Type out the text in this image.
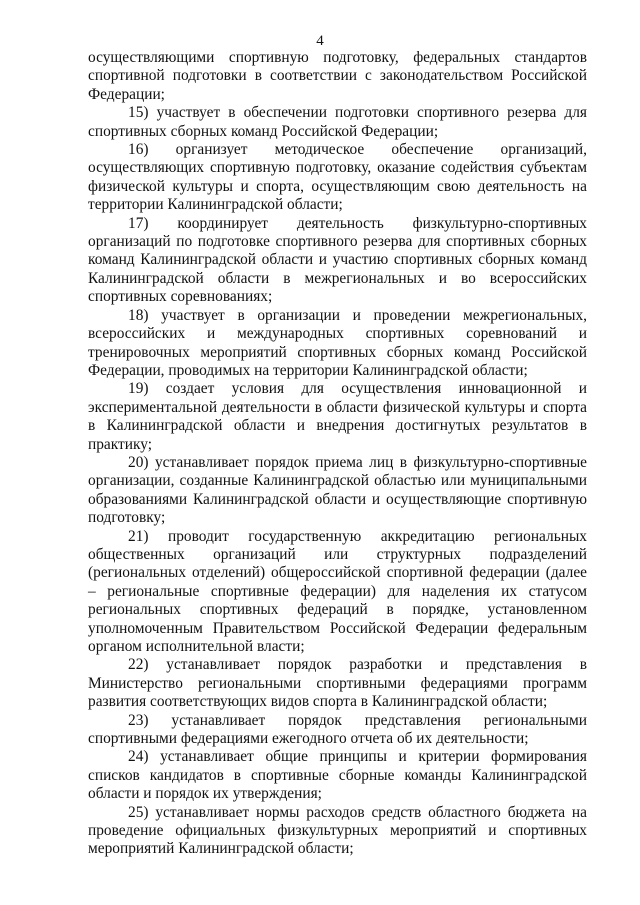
4

осуществляющими спортивную подготовку, федеральных стандартов спортивной подготовки в соответствии с законодательством Российской Федерации;

15) участвует в обеспечении подготовки спортивного резерва для спортивных сборных команд Российской Федерации;

16) организует методическое обеспечение организаций, осуществляющих спортивную подготовку, оказание содействия субъектам физической культуры и спорта, осуществляющим свою деятельность на территории Калининградской области;

17) координирует деятельность физкультурно-спортивных организаций по подготовке спортивного резерва для спортивных сборных команд Калининградской области и участию спортивных сборных команд Калининградской области в межрегиональных и во всероссийских спортивных соревнованиях;

18) участвует в организации и проведении межрегиональных, всероссийских и международных спортивных соревнований и тренировочных мероприятий спортивных сборных команд Российской Федерации, проводимых на территории Калининградской области;

19) создает условия для осуществления инновационной и экспериментальной деятельности в области физической культуры и спорта в Калининградской области и внедрения достигнутых результатов в практику;

20) устанавливает порядок приема лиц в физкультурно-спортивные организации, созданные Калининградской областью или муниципальными образованиями Калининградской области и осуществляющие спортивную подготовку;

21) проводит государственную аккредитацию региональных общественных организаций или структурных подразделений (региональных отделений) общероссийской спортивной федерации (далее – региональные спортивные федерации) для наделения их статусом региональных спортивных федераций в порядке, установленном уполномоченным Правительством Российской Федерации федеральным органом исполнительной власти;

22) устанавливает порядок разработки и представления в Министерство региональными спортивными федерациями программ развития соответствующих видов спорта в Калининградской области;

23) устанавливает порядок представления региональными спортивными федерациями ежегодного отчета об их деятельности;

24) устанавливает общие принципы и критерии формирования списков кандидатов в спортивные сборные команды Калининградской области и порядок их утверждения;

25) устанавливает нормы расходов средств областного бюджета на проведение официальных физкультурных мероприятий и спортивных мероприятий Калининградской области;
